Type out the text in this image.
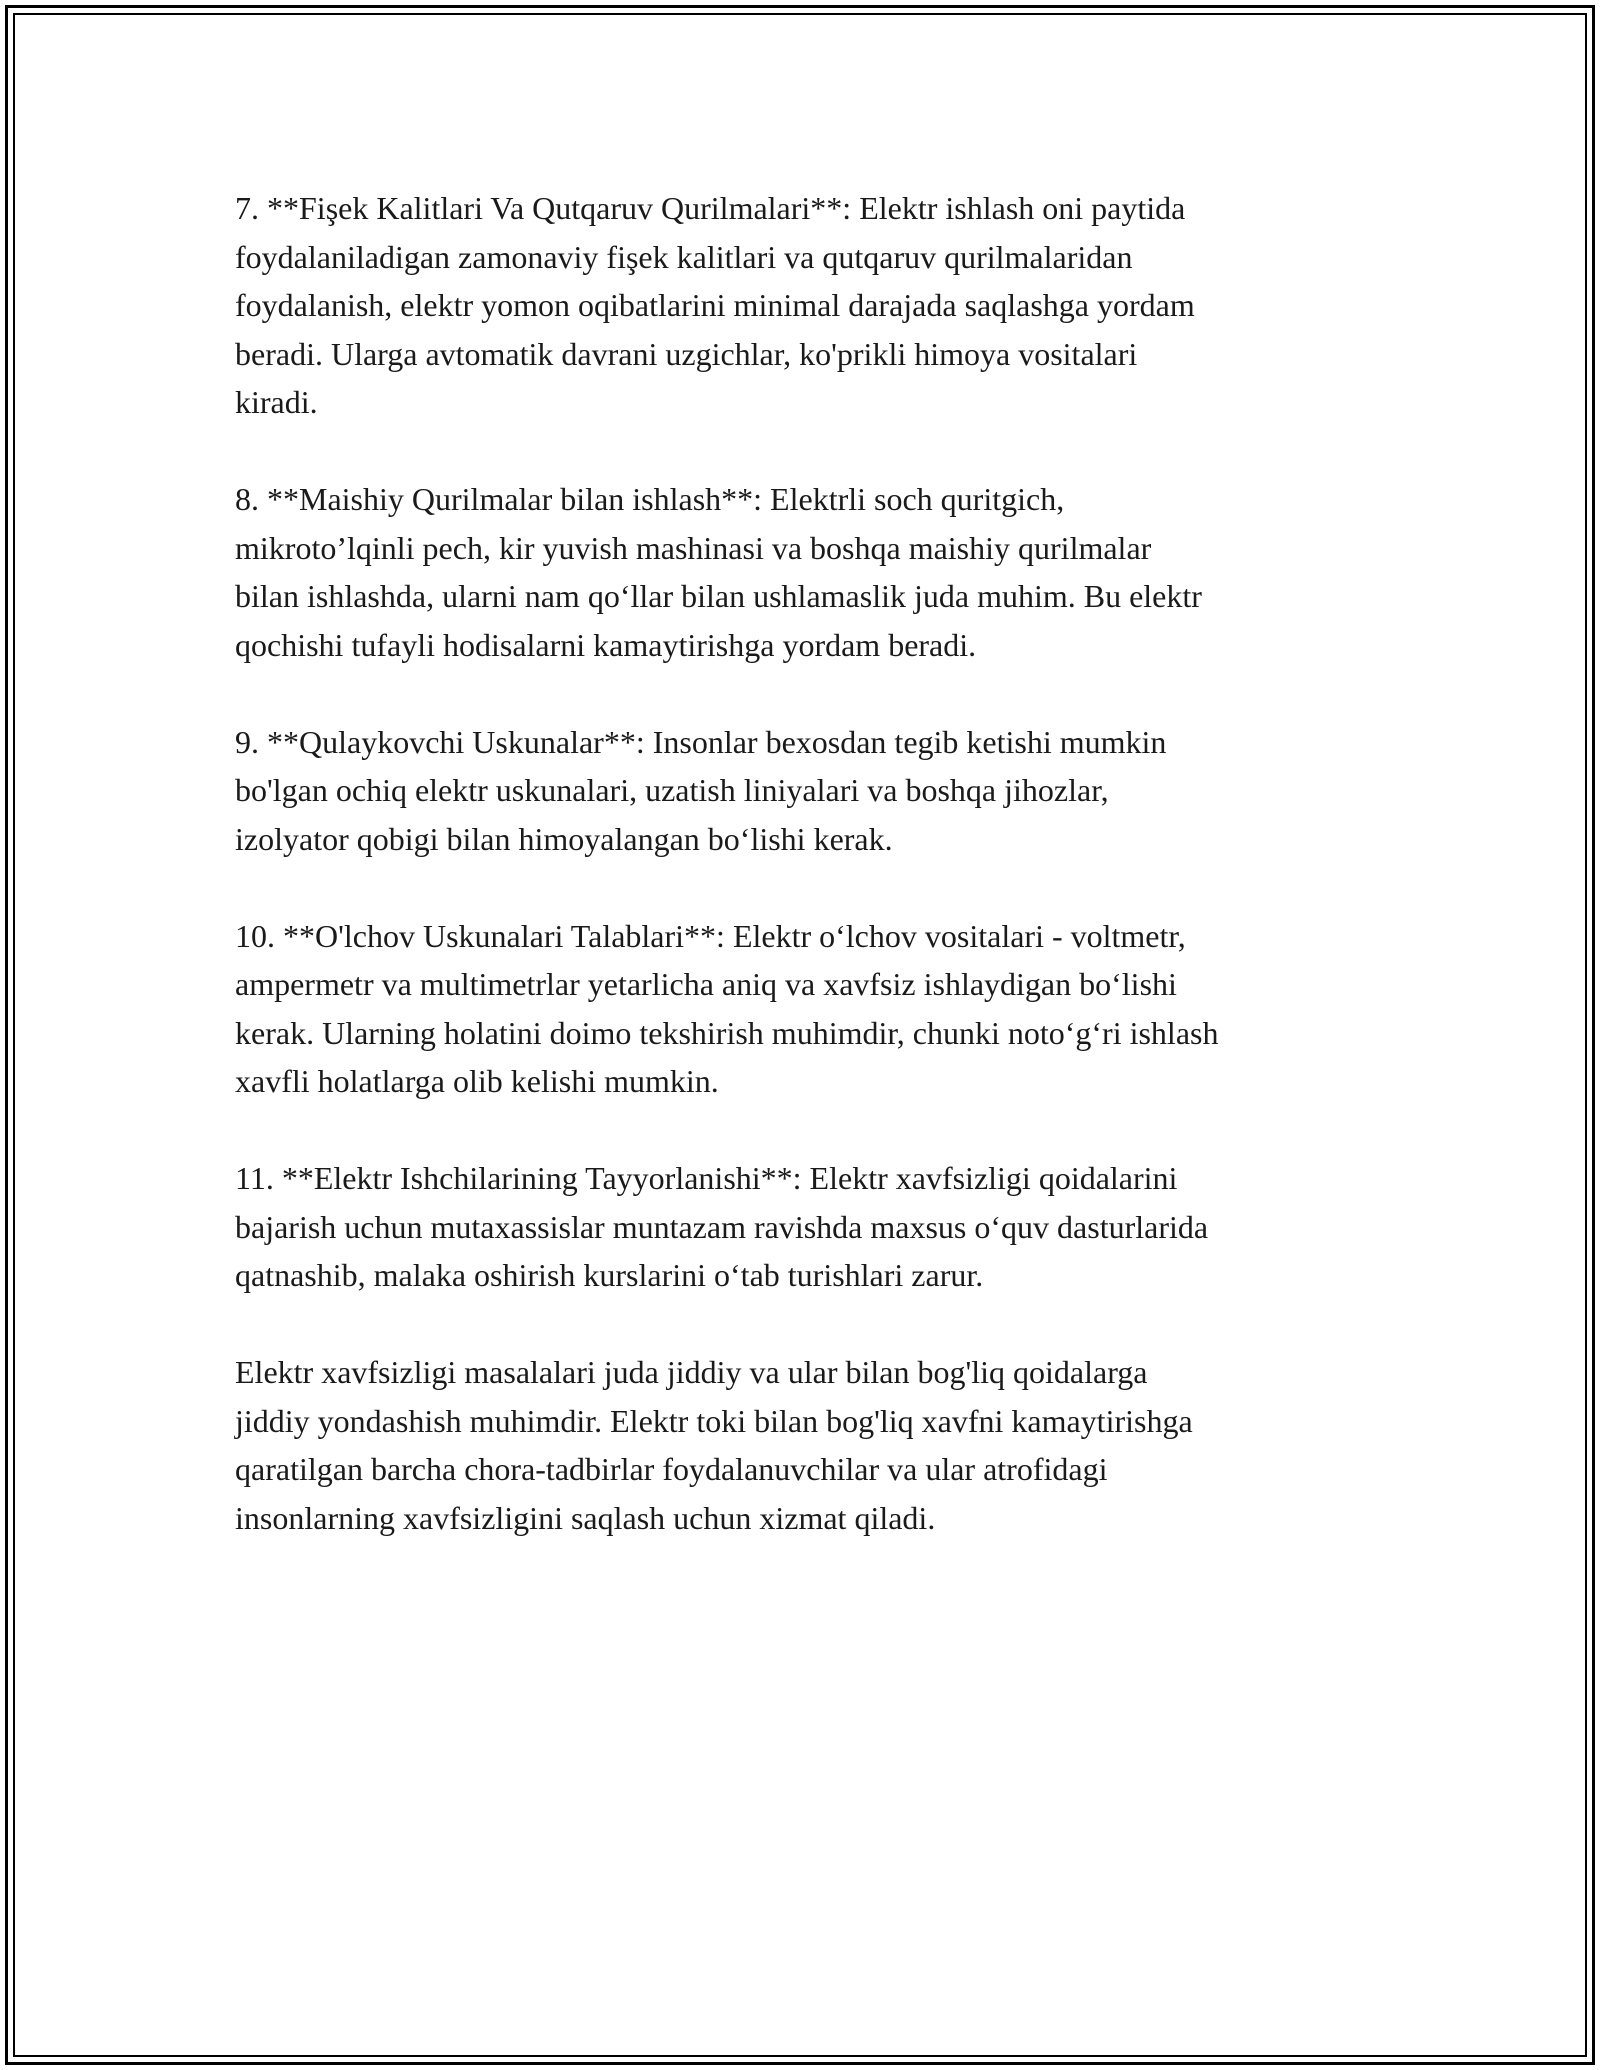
7. **Fişek Kalitlari Va Qutqaruv Qurilmalari**: Elektr ishlash oni paytida
foydalaniladigan zamonaviy fişek kalitlari va qutqaruv qurilmalaridan
foydalanish, elektr yomon oqibatlarini minimal darajada saqlashga yordam
beradi. Ularga avtomatik davrani uzgichlar, ko'prikli himoya vositalari
kiradi.

8. **Maishiy Qurilmalar bilan ishlash**: Elektrli soch quritgich,
mikroto’lqinli pech, kir yuvish mashinasi va boshqa maishiy qurilmalar
bilan ishlashda, ularni nam qo‘llar bilan ushlamaslik juda muhim. Bu elektr
qochishi tufayli hodisalarni kamaytirishga yordam beradi.

9. **Qulaykovchi Uskunalar**: Insonlar bexosdan tegib ketishi mumkin
bo'lgan ochiq elektr uskunalari, uzatish liniyalari va boshqa jihozlar,
izolyator qobigi bilan himoyalangan bo‘lishi kerak.

10. **O'lchov Uskunalari Talablari**: Elektr o‘lchov vositalari - voltmetr,
ampermetr va multimetrlar yetarlicha aniq va xavfsiz ishlaydigan bo‘lishi
kerak. Ularning holatini doimo tekshirish muhimdir, chunki noto‘g‘ri ishlash
xavfli holatlarga olib kelishi mumkin.

11. **Elektr Ishchilarining Tayyorlanishi**: Elektr xavfsizligi qoidalarini
bajarish uchun mutaxassislar muntazam ravishda maxsus o‘quv dasturlarida
qatnashib, malaka oshirish kurslarini o‘tab turishlari zarur.

Elektr xavfsizligi masalalari juda jiddiy va ular bilan bog'liq qoidalarga
jiddiy yondashish muhimdir. Elektr toki bilan bog'liq xavfni kamaytirishga
qaratilgan barcha chora-tadbirlar foydalanuvchilar va ular atrofidagi
insonlarning xavfsizligini saqlash uchun xizmat qiladi.
